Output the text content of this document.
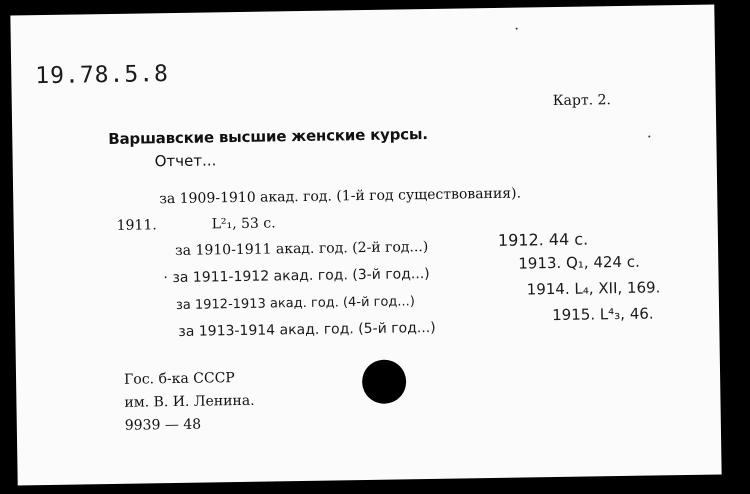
19.78.5.8
Карт. 2.
Варшавские высшие женские курсы.
Отчет...
за 1909-1910 акад. год. (1-й год существования).
1911.	L²₁, 53 с.
за 1910-1911 акад. год. (2-й год...)	1912. 44 с.
· за 1911-1912 акад. год. (3-й год...)
1913. Q₁, 424 с.
за 1912-1913 акад. год. (4-й год...)
1914. L₄, XII, 169.
за 1913-1914 акад. год. (5-й год...)
1915. L⁴₃, 46.
Гос. б-ка СССР
им. В. И. Ленина.
9939 — 48
